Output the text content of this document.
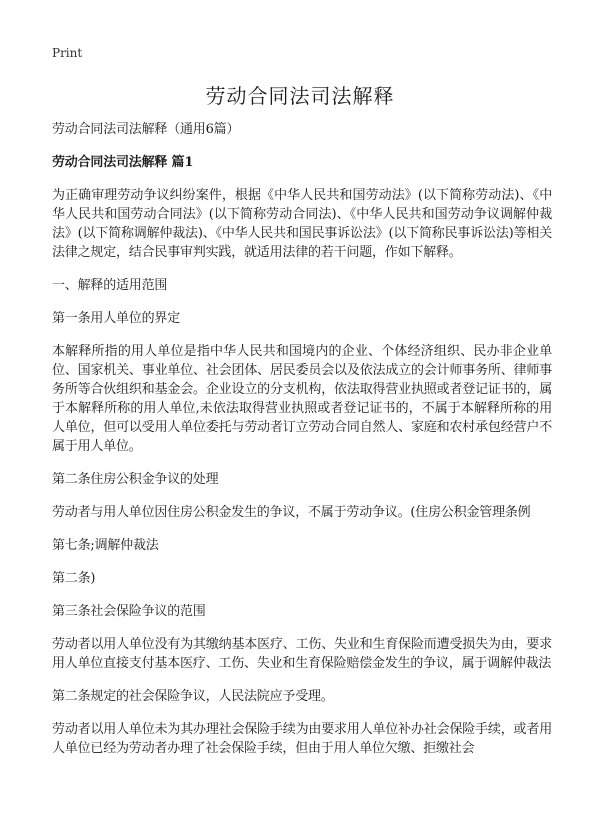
Print
劳动合同法司法解释

劳动合同法司法解释（通用6篇）

劳动合同法司法解释 篇1

为正确审理劳动争议纠纷案件，根据《中华人民共和国劳动法》(以下简称劳动法)、《中华人民共和国劳动合同法》(以下简称劳动合同法)、《中华人民共和国劳动争议调解仲裁法》(以下简称调解仲裁法)、《中华人民共和国民事诉讼法》(以下简称民事诉讼法)等相关法律之规定，结合民事审判实践，就适用法律的若干问题，作如下解释。

一、解释的适用范围

第一条用人单位的界定

本解释所指的用人单位是指中华人民共和国境内的企业、个体经济组织、民办非企业单位、国家机关、事业单位、社会团体、居民委员会以及依法成立的会计师事务所、律师事务所等合伙组织和基金会。企业设立的分支机构，依法取得营业执照或者登记证书的，属于本解释所称的用人单位,未依法取得营业执照或者登记证书的，不属于本解释所称的用人单位，但可以受用人单位委托与劳动者订立劳动合同自然人、家庭和农村承包经营户不属于用人单位。

第二条住房公积金争议的处理

劳动者与用人单位因住房公积金发生的争议，不属于劳动争议。(住房公积金管理条例

第七条;调解仲裁法

第二条)

第三条社会保险争议的范围

劳动者以用人单位没有为其缴纳基本医疗、工伤、失业和生育保险而遭受损失为由，要求用人单位直接支付基本医疗、工伤、失业和生育保险赔偿金发生的争议，属于调解仲裁法

第二条规定的社会保险争议，人民法院应予受理。

劳动者以用人单位未为其办理社会保险手续为由要求用人单位补办社会保险手续，或者用人单位已经为劳动者办理了社会保险手续，但由于用人单位欠缴、拒缴社会
